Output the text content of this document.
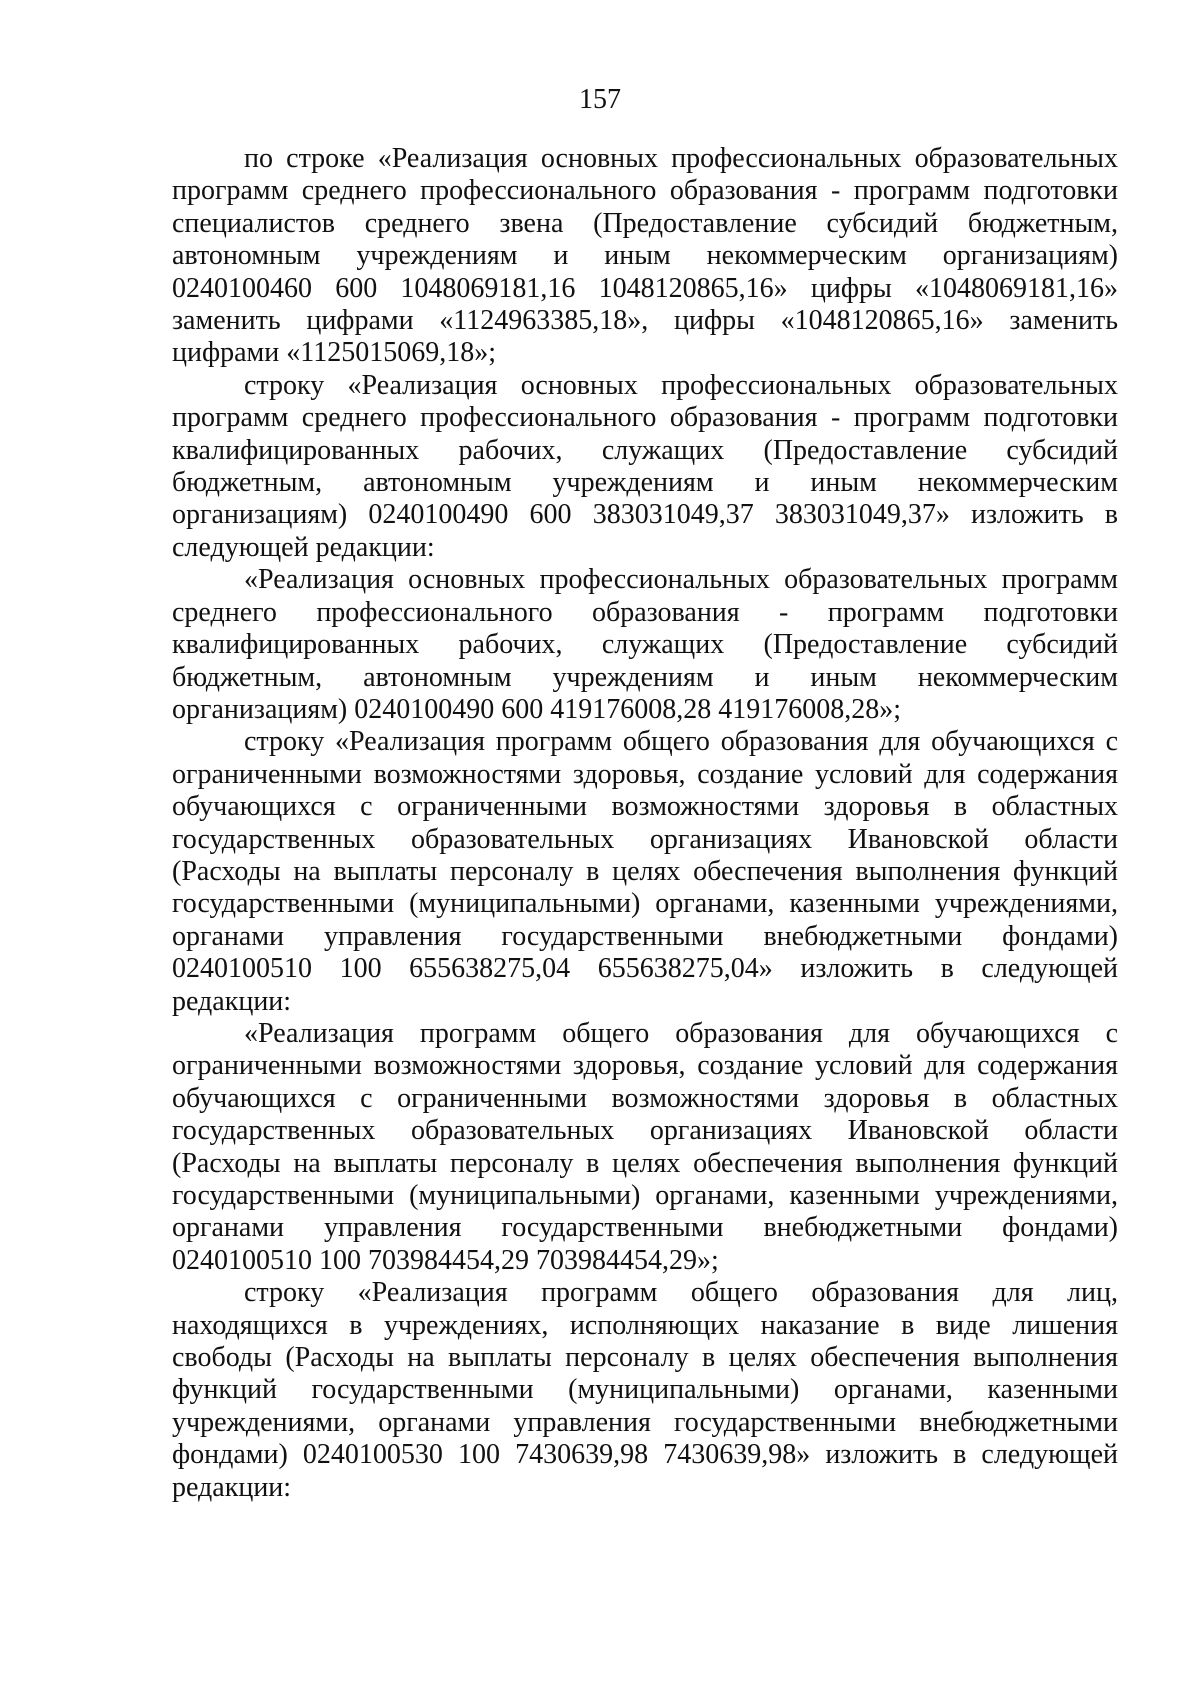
157

по строке «Реализация основных профессиональных образовательных программ среднего профессионального образования - программ подготовки специалистов среднего звена (Предоставление субсидий бюджетным, автономным учреждениям и иным некоммерческим организациям) 0240100460 600 1048069181,16 1048120865,16» цифры «1048069181,16» заменить цифрами «1124963385,18», цифры «1048120865,16» заменить цифрами «1125015069,18»;

строку «Реализация основных профессиональных образовательных программ среднего профессионального образования - программ подготовки квалифицированных рабочих, служащих (Предоставление субсидий бюджетным, автономным учреждениям и иным некоммерческим организациям) 0240100490 600 383031049,37 383031049,37» изложить в следующей редакции:

«Реализация основных профессиональных образовательных программ среднего профессионального образования - программ подготовки квалифицированных рабочих, служащих (Предоставление субсидий бюджетным, автономным учреждениям и иным некоммерческим организациям) 0240100490 600 419176008,28 419176008,28»;

строку «Реализация программ общего образования для обучающихся с ограниченными возможностями здоровья, создание условий для содержания обучающихся с ограниченными возможностями здоровья в областных государственных образовательных организациях Ивановской области (Расходы на выплаты персоналу в целях обеспечения выполнения функций государственными (муниципальными) органами, казенными учреждениями, органами управления государственными внебюджетными фондами) 0240100510 100 655638275,04 655638275,04» изложить в следующей редакции:

«Реализация программ общего образования для обучающихся с ограниченными возможностями здоровья, создание условий для содержания обучающихся с ограниченными возможностями здоровья в областных государственных образовательных организациях Ивановской области (Расходы на выплаты персоналу в целях обеспечения выполнения функций государственными (муниципальными) органами, казенными учреждениями, органами управления государственными внебюджетными фондами) 0240100510 100 703984454,29 703984454,29»;

строку «Реализация программ общего образования для лиц, находящихся в учреждениях, исполняющих наказание в виде лишения свободы (Расходы на выплаты персоналу в целях обеспечения выполнения функций государственными (муниципальными) органами, казенными учреждениями, органами управления государственными внебюджетными фондами) 0240100530 100 7430639,98 7430639,98» изложить в следующей редакции:
